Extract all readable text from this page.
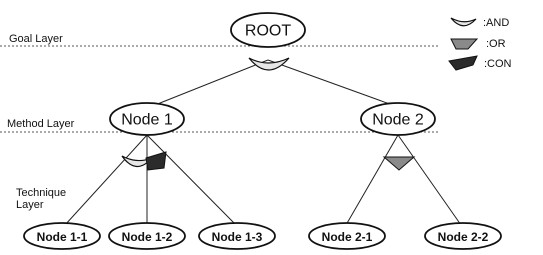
Goal Layer
Method Layer
Technique
Layer
ROOT
Node 1	Node 2
Node 1-1	Node 1-2	Node 1-3	Node 2-1	Node 2-2
:AND
:OR
:CON
